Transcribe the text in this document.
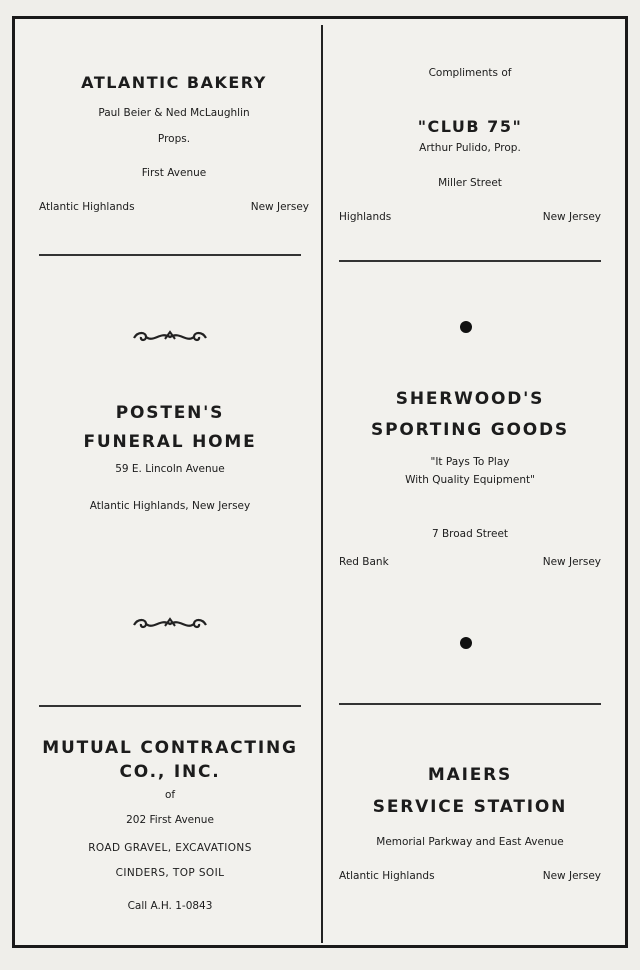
ATLANTIC BAKERY
Paul Beier & Ned McLaughlin
Props.
First Avenue
Atlantic Highlands	New Jersey
Compliments of
"CLUB 75"
Arthur Pulido, Prop.
Miller Street
Highlands	New Jersey
POSTEN'S
FUNERAL HOME
59 E. Lincoln Avenue
Atlantic Highlands, New Jersey
SHERWOOD'S
SPORTING GOODS
"It Pays To Play
With Quality Equipment"
7 Broad Street
Red Bank	New Jersey
MUTUAL CONTRACTING
CO., INC.
of
202 First Avenue
ROAD GRAVEL, EXCAVATIONS
CINDERS, TOP SOIL
Call A.H. 1-0843
MAIERS
SERVICE STATION
Memorial Parkway and East Avenue
Atlantic Highlands	New Jersey
